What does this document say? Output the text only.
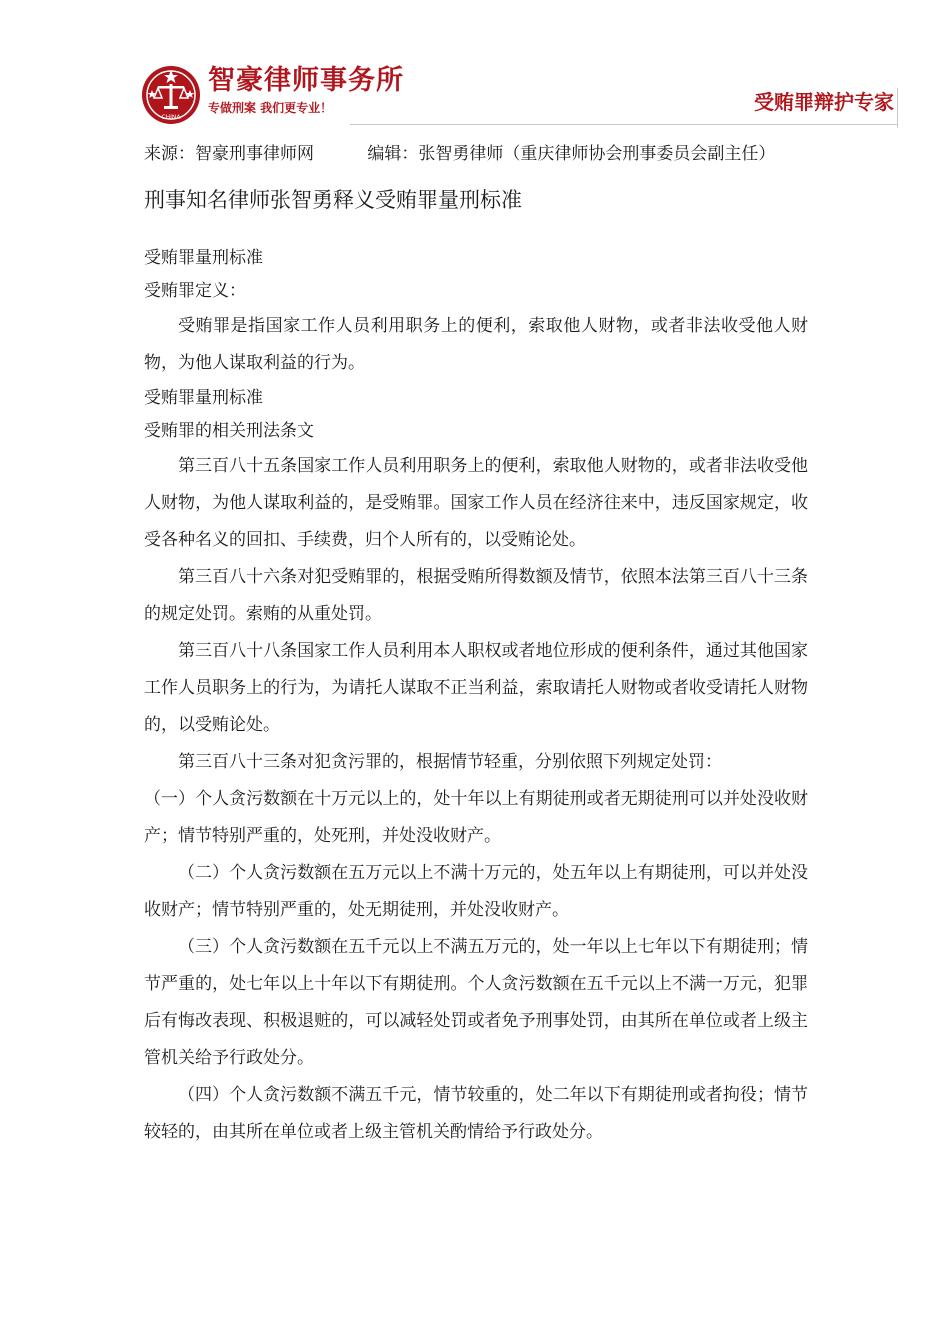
CHINA
智豪律师事务所
专做刑案 我们更专业！	受贿罪辩护专家
来源：智豪刑事律师网	编辑：张智勇律师（重庆律师协会刑事委员会副主任）
刑事知名律师张智勇释义受贿罪量刑标准

受贿罪量刑标准

受贿罪定义：

受贿罪是指国家工作人员利用职务上的便利，索取他人财物，或者非法收受他人财物，为他人谋取利益的行为。

受贿罪量刑标准

受贿罪的相关刑法条文

第三百八十五条国家工作人员利用职务上的便利，索取他人财物的，或者非法收受他人财物，为他人谋取利益的，是受贿罪。国家工作人员在经济往来中，违反国家规定，收受各种名义的回扣、手续费，归个人所有的，以受贿论处。

第三百八十六条对犯受贿罪的，根据受贿所得数额及情节，依照本法第三百八十三条的规定处罚。索贿的从重处罚。

第三百八十八条国家工作人员利用本人职权或者地位形成的便利条件，通过其他国家工作人员职务上的行为，为请托人谋取不正当利益，索取请托人财物或者收受请托人财物的，以受贿论处。

第三百八十三条对犯贪污罪的，根据情节轻重，分别依照下列规定处罚：

（一）个人贪污数额在十万元以上的，处十年以上有期徒刑或者无期徒刑可以并处没收财产；情节特别严重的，处死刑，并处没收财产。

（二）个人贪污数额在五万元以上不满十万元的，处五年以上有期徒刑，可以并处没收财产；情节特别严重的，处无期徒刑，并处没收财产。

（三）个人贪污数额在五千元以上不满五万元的，处一年以上七年以下有期徒刑；情节严重的，处七年以上十年以下有期徒刑。个人贪污数额在五千元以上不满一万元，犯罪后有悔改表现、积极退赃的，可以减轻处罚或者免予刑事处罚，由其所在单位或者上级主管机关给予行政处分。

（四）个人贪污数额不满五千元，情节较重的，处二年以下有期徒刑或者拘役；情节较轻的，由其所在单位或者上级主管机关酌情给予行政处分。
